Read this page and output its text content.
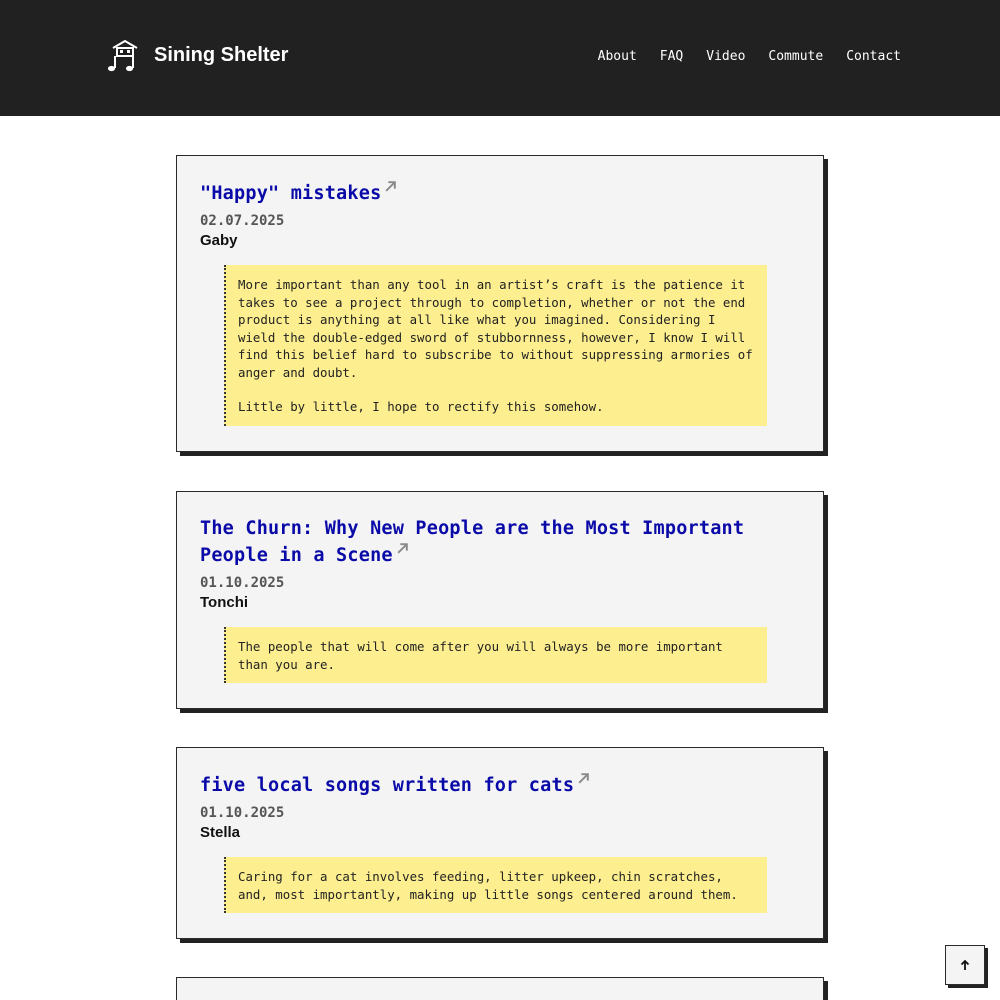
Sining Shelter	About FAQ Video Commute Contact
"Happy" mistakes
02.07.2025
Gaby

More important than any tool in an artist’s craft is the patience it takes to see a project through to completion, whether or not the end product is anything at all like what you imagined. Considering I wield the double-edged sword of stubbornness, however, I know I will find this belief hard to subscribe to without suppressing armories of anger and doubt.

Little by little, I hope to rectify this somehow.

The Churn: Why New People are the Most Important People in a Scene
01.10.2025
Tonchi

The people that will come after you will always be more important than you are.

five local songs written for cats
01.10.2025
Stella

Caring for a cat involves feeding, litter upkeep, chin scratches, and, most importantly, making up little songs centered around them.
